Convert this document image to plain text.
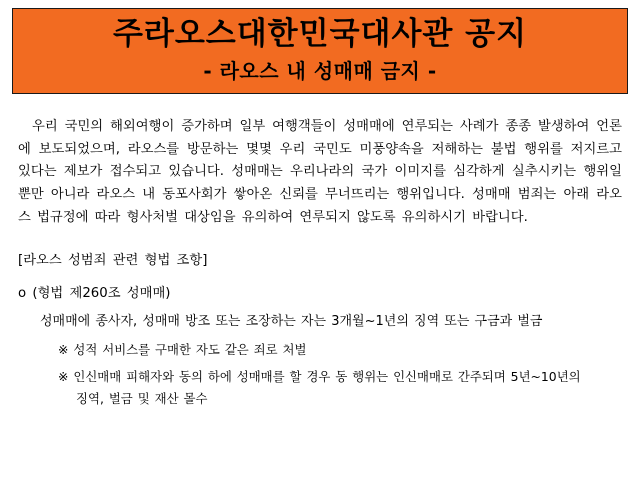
주라오스대한민국대사관 공지
- 라오스 내 성매매 금지 -
우리 국민의 해외여행이 증가하며 일부 여행객들이 성매매에 연루되는 사례가 종종 발생하여 언론에 보도되었으며, 라오스를 방문하는 몇몇 우리 국민도 미풍양속을 저해하는 불법 행위를 저지르고 있다는 제보가 접수되고 있습니다. 성매매는 우리나라의 국가 이미지를 심각하게 실추시키는 행위일 뿐만 아니라 라오스 내 동포사회가 쌓아온 신뢰를 무너뜨리는 행위입니다. 성매매 범죄는 아래 라오스 법규정에 따라 형사처벌 대상임을 유의하여 연루되지 않도록 유의하시기 바랍니다.
[라오스 성범죄 관련 형법 조항]
o (형법 제260조 성매매)
성매매에 종사자, 성매매 방조 또는 조장하는 자는 3개월~1년의 징역 또는 구금과 벌금
※ 성적 서비스를 구매한 자도 같은 죄로 처벌
※ 인신매매 피해자와 동의 하에 성매매를 할 경우 동 행위는 인신매매로 간주되며 5년~10년의
징역, 벌금 및 재산 몰수
